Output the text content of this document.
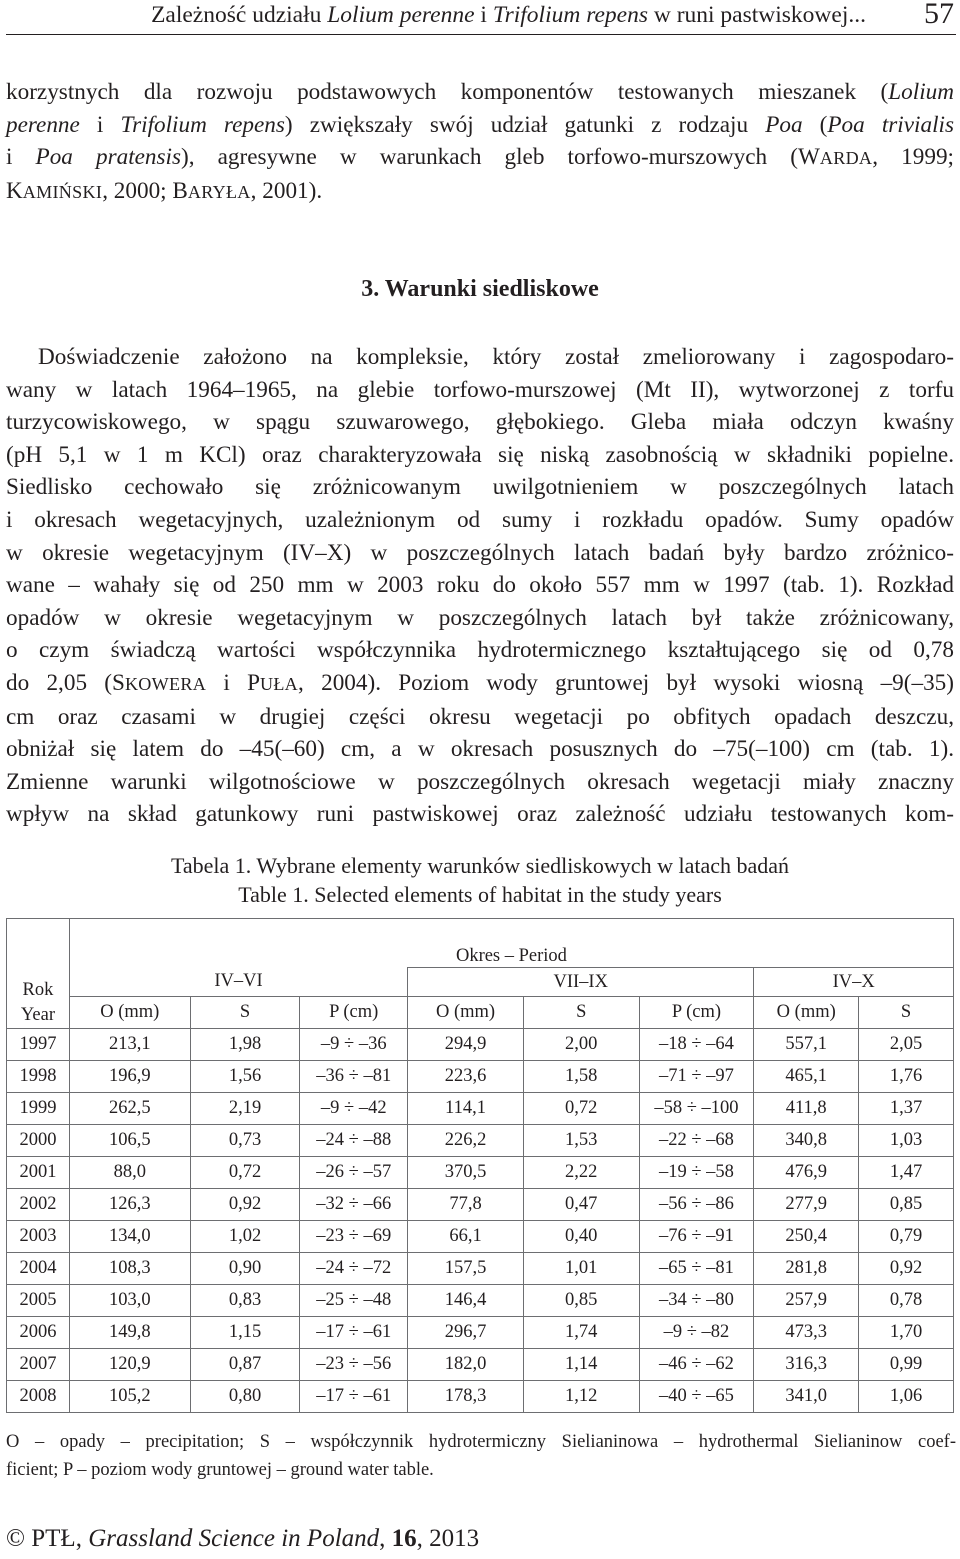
Zależność udziału Lolium perenne i Trifolium repens w runi pastwiskowej... 57
korzystnych dla rozwoju podstawowych komponentów testowanych mieszanek (Lolium
perenne i Trifolium repens) zwiększały swój udział gatunki z rodzaju Poa (Poa trivialis
i Poa pratensis), agresywne w warunkach gleb torfowo-murszowych (WARDA, 1999;
KAMIŃSKI, 2000; BARYŁA, 2001).
3. Warunki siedliskowe
Doświadczenie założono na kompleksie, który został zmeliorowany i zagospodaro-
wany w latach 1964–1965, na glebie torfowo-murszowej (Mt II), wytworzonej z torfu
turzycowiskowego, w spągu szuwarowego, głębokiego. Gleba miała odczyn kwaśny
(pH 5,1 w 1 m KCl) oraz charakteryzowała się niską zasobnością w składniki popielne.
Siedlisko cechowało się zróżnicowanym uwilgotnieniem w poszczególnych latach
i okresach wegetacyjnych, uzależnionym od sumy i rozkładu opadów. Sumy opadów
w okresie wegetacyjnym (IV–X) w poszczególnych latach badań były bardzo zróżnico-
wane – wahały się od 250 mm w 2003 roku do około 557 mm w 1997 (tab. 1). Rozkład
opadów w okresie wegetacyjnym w poszczególnych latach był także zróżnicowany,
o czym świadczą wartości współczynnika hydrotermicznego kształtującego się od 0,78
do 2,05 (SKOWERA i PUŁA, 2004). Poziom wody gruntowej był wysoki wiosną –9(–35)
cm oraz czasami w drugiej części okresu wegetacji po obfitych opadach deszczu,
obniżał się latem do –45(–60) cm, a w okresach posusznych do –75(–100) cm (tab. 1).
Zmienne warunki wilgotnościowe w poszczególnych okresach wegetacji miały znaczny
wpływ na skład gatunkowy runi pastwiskowej oraz zależność udziału testowanych kom-
Tabela 1. Wybrane elementy warunków siedliskowych w latach badań
Table 1. Selected elements of habitat in the study years
Rok
Year	Okres – Period							
	IV–VI			VII–IX			IV–X	
	O (mm)	S	P (cm)	O (mm)	S	P (cm)	O (mm)	S
1997	213,1	1,98	–9 ÷ –36	294,9	2,00	–18 ÷ –64	557,1	2,05
1998	196,9	1,56	–36 ÷ –81	223,6	1,58	–71 ÷ –97	465,1	1,76
1999	262,5	2,19	–9 ÷ –42	114,1	0,72	–58 ÷ –100	411,8	1,37
2000	106,5	0,73	–24 ÷ –88	226,2	1,53	–22 ÷ –68	340,8	1,03
2001	88,0	0,72	–26 ÷ –57	370,5	2,22	–19 ÷ –58	476,9	1,47
2002	126,3	0,92	–32 ÷ –66	77,8	0,47	–56 ÷ –86	277,9	0,85
2003	134,0	1,02	–23 ÷ –69	66,1	0,40	–76 ÷ –91	250,4	0,79
2004	108,3	0,90	–24 ÷ –72	157,5	1,01	–65 ÷ –81	281,8	0,92
2005	103,0	0,83	–25 ÷ –48	146,4	0,85	–34 ÷ –80	257,9	0,78
2006	149,8	1,15	–17 ÷ –61	296,7	1,74	–9 ÷ –82	473,3	1,70
2007	120,9	0,87	–23 ÷ –56	182,0	1,14	–46 ÷ –62	316,3	0,99
2008	105,2	0,80	–17 ÷ –61	178,3	1,12	–40 ÷ –65	341,0	1,06
O – opady – precipitation; S – współczynnik hydrotermiczny Sielianinowa – hydrothermal Sielianinow coef-
ficient; P – poziom wody gruntowej – ground water table.
© PTŁ, Grassland Science in Poland, 16, 2013
